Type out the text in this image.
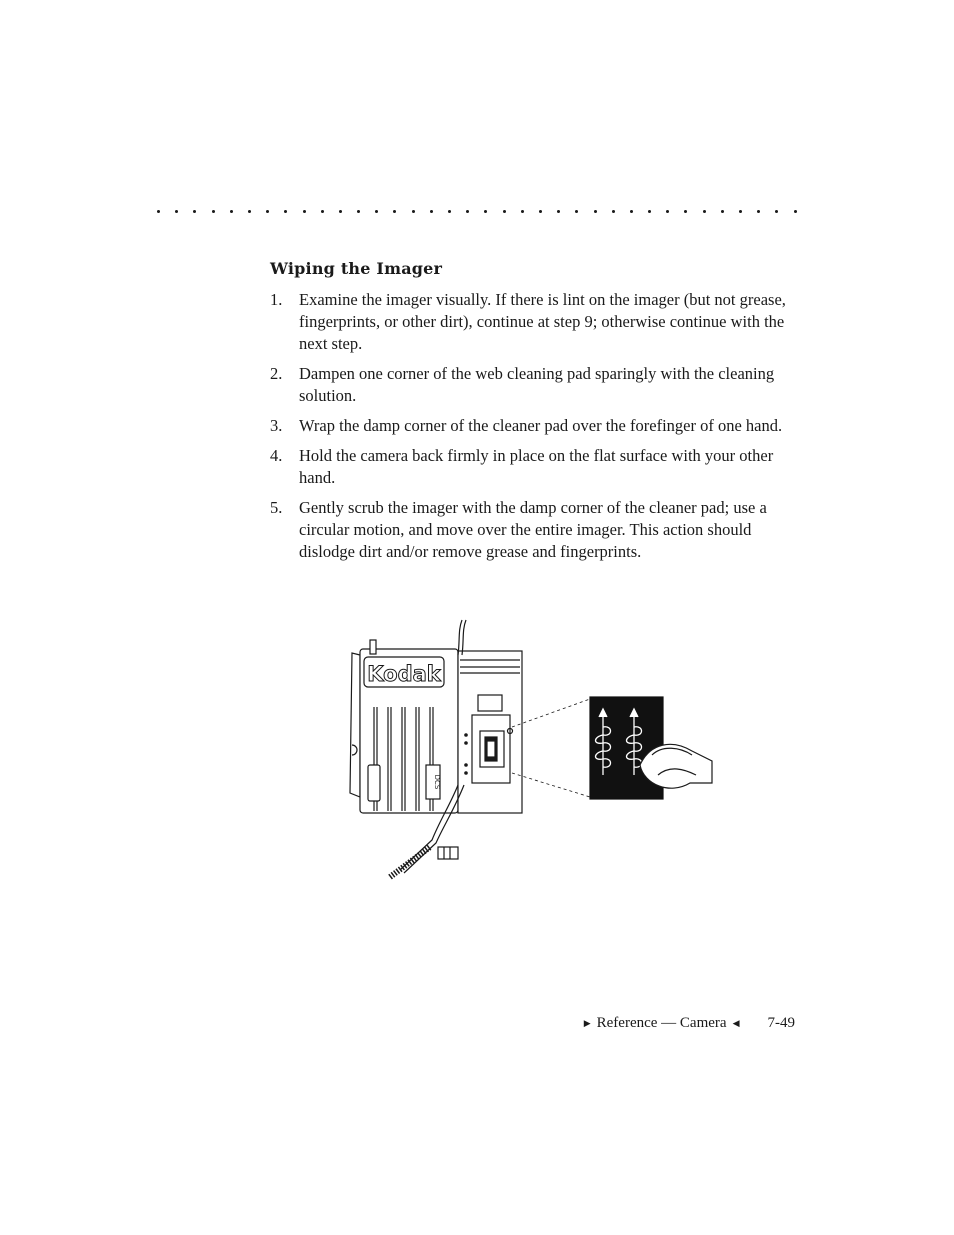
Wiping the Imager
1.	Examine the imager visually. If there is lint on the imager (but not grease, fingerprints, or other dirt), continue at step 9; otherwise continue with the next step.
2.	Dampen one corner of the web cleaning pad sparingly with the cleaning solution.
3.	Wrap the damp corner of the cleaner pad over the forefinger of one hand.
4.	Hold the camera back firmly in place on the flat surface with your other hand.
5.	Gently scrub the imager with the damp corner of the cleaner pad; use a circular motion, and move over the entire imager. This action should dislodge dirt and/or remove grease and fingerprints.
Kodak
DCS
▶ Reference — Camera ◀ 7-49
